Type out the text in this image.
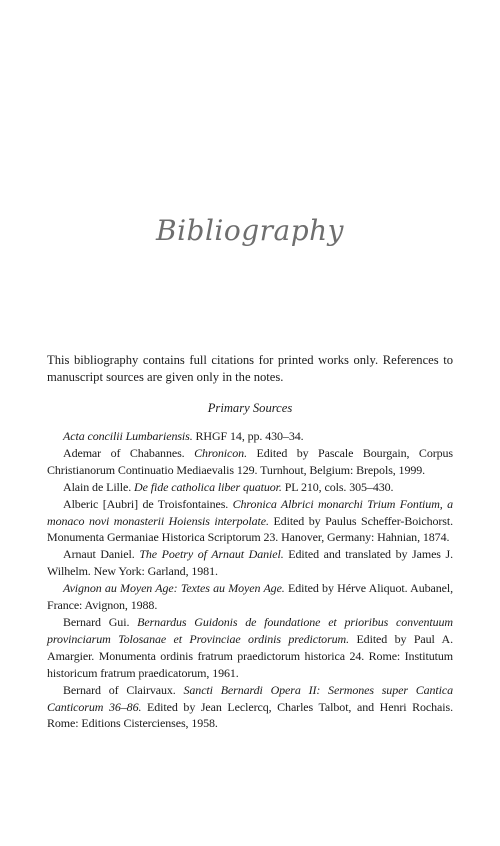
Bibliography

This bibliography contains full citations for printed works only. References to manuscript sources are given only in the notes.

Primary Sources

Acta concilii Lumbariensis. RHGF 14, pp. 430–34.

Ademar of Chabannes. Chronicon. Edited by Pascale Bourgain, Corpus Christianorum Continuatio Mediaevalis 129. Turnhout, Belgium: Brepols, 1999.

Alain de Lille. De fide catholica liber quatuor. PL 210, cols. 305–430.

Alberic [Aubri] de Troisfontaines. Chronica Albrici monarchi Trium Fontium, a monaco novi monasterii Hoiensis interpolate. Edited by Paulus Scheffer-Boichorst. Monumenta Germaniae Historica Scriptorum 23. Hanover, Germany: Hahnian, 1874.

Arnaut Daniel. The Poetry of Arnaut Daniel. Edited and translated by James J. Wilhelm. New York: Garland, 1981.

Avignon au Moyen Age: Textes au Moyen Age. Edited by Hérve Aliquot. Aubanel, France: Avignon, 1988.

Bernard Gui. Bernardus Guidonis de foundatione et prioribus conventuum provinciarum Tolosanae et Provinciae ordinis predictorum. Edited by Paul A. Amargier. Monumenta ordinis fratrum praedictorum historica 24. Rome: Institutum historicum fratrum praedicatorum, 1961.

Bernard of Clairvaux. Sancti Bernardi Opera II: Sermones super Cantica Canticorum 36–86. Edited by Jean Leclercq, Charles Talbot, and Henri Rochais. Rome: Editions Cistercienses, 1958.
